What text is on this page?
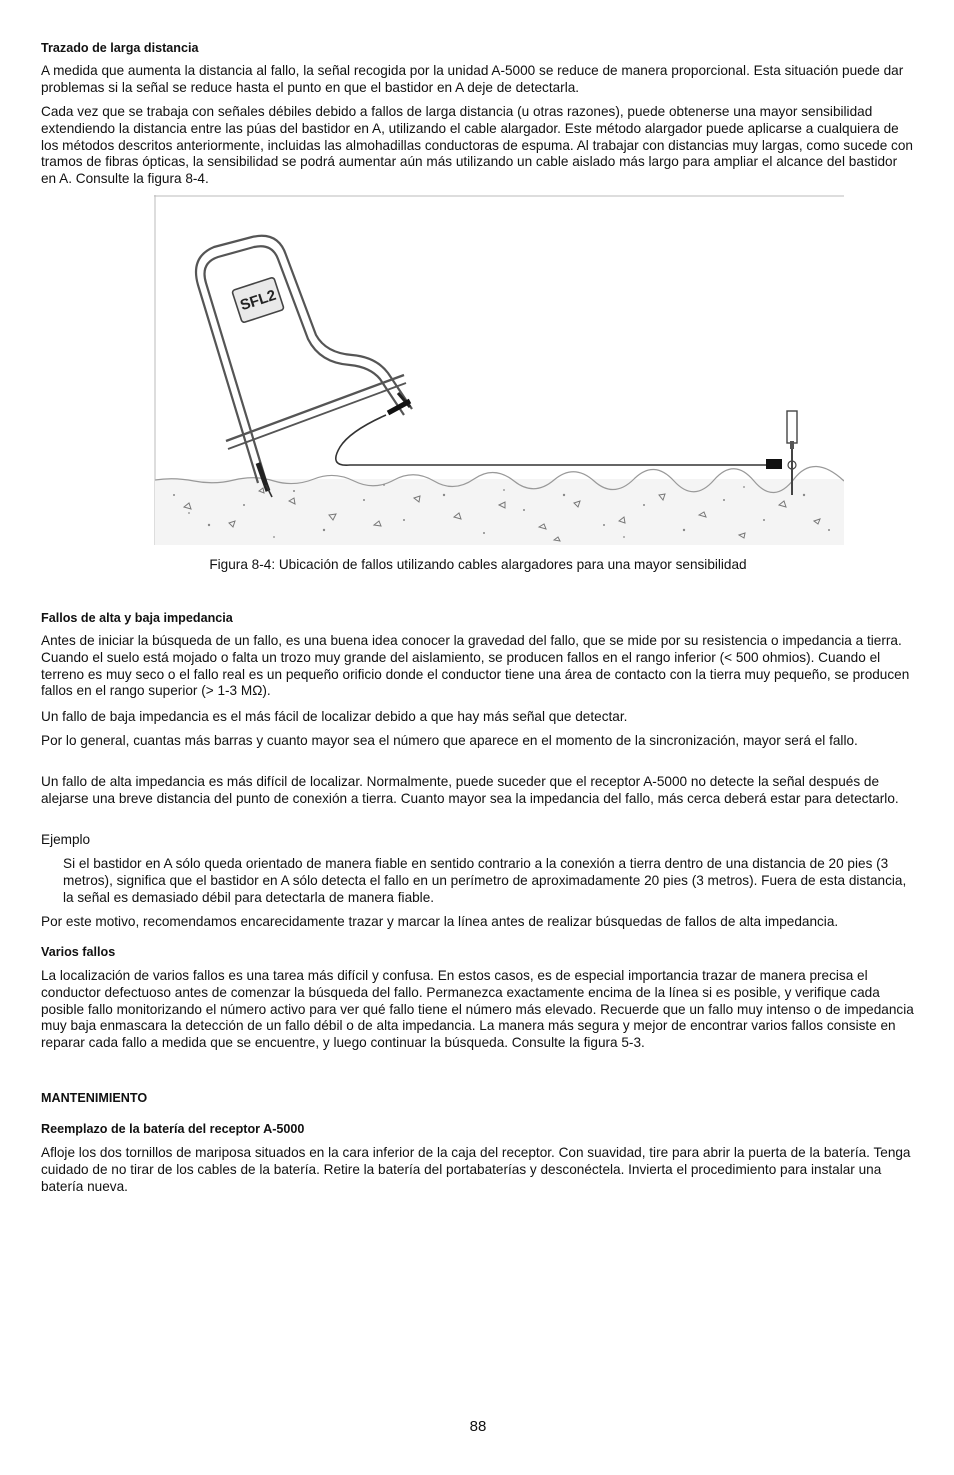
Trazado de larga distancia

A medida que aumenta la distancia al fallo, la señal recogida por la unidad A-5000 se reduce de manera proporcional. Esta situación puede dar problemas si la señal se reduce hasta el punto en que el bastidor en A deje de detectarla.

Cada vez que se trabaja con señales débiles debido a fallos de larga distancia (u otras razones), puede obtenerse una mayor sensibilidad extendiendo la distancia entre las púas del bastidor en A, utilizando el cable alargador. Este método alargador puede aplicarse a cualquiera de los métodos descritos anteriormente, incluidas las almohadillas conductoras de espuma. Al trabajar con distancias muy largas, como sucede con tramos de fibras ópticas, la sensibilidad se podrá aumentar aún más utilizando un cable aislado más largo para ampliar el alcance del bastidor en A. Consulte la figura 8-4.

SFL2
Figura 8-4: Ubicación de fallos utilizando cables alargadores para una mayor sensibilidad
Fallos de alta y baja impedancia

Antes de iniciar la búsqueda de un fallo, es una buena idea conocer la gravedad del fallo, que se mide por su resistencia o impedancia a tierra. Cuando el suelo está mojado o falta un trozo muy grande del aislamiento, se producen fallos en el rango inferior (< 500 ohmios). Cuando el terreno es muy seco o el fallo real es un pequeño orificio donde el conductor tiene una área de contacto con la tierra muy pequeño, se producen fallos en el rango superior (> 1-3 MΩ).

Un fallo de baja impedancia es el más fácil de localizar debido a que hay más señal que detectar.

Por lo general, cuantas más barras y cuanto mayor sea el número que aparece en el momento de la sincronización, mayor será el fallo.

Un fallo de alta impedancia es más difícil de localizar. Normalmente, puede suceder que el receptor A-5000 no detecte la señal después de alejarse una breve distancia del punto de conexión a tierra. Cuanto mayor sea la impedancia del fallo, más cerca deberá estar para detectarlo.

Ejemplo

Si el bastidor en A sólo queda orientado de manera fiable en sentido contrario a la conexión a tierra dentro de una distancia de 20 pies (3 metros), significa que el bastidor en A sólo detecta el fallo en un perímetro de aproximadamente 20 pies (3 metros). Fuera de esta distancia, la señal es demasiado débil para detectarla de manera fiable.

Por este motivo, recomendamos encarecidamente trazar y marcar la línea antes de realizar búsquedas de fallos de alta impedancia.

Varios fallos

La localización de varios fallos es una tarea más difícil y confusa. En estos casos, es de especial importancia trazar de manera precisa el conductor defectuoso antes de comenzar la búsqueda del fallo. Permanezca exactamente encima de la línea si es posible, y verifique cada posible fallo monitorizando el número activo para ver qué fallo tiene el número más elevado. Recuerde que un fallo muy intenso o de impedancia muy baja enmascara la detección de un fallo débil o de alta impedancia. La manera más segura y mejor de encontrar varios fallos consiste en reparar cada fallo a medida que se encuentre, y luego continuar la búsqueda. Consulte la figura 5-3.

MANTENIMIENTO
Reemplazo de la batería del receptor A-5000

Afloje los dos tornillos de mariposa situados en la cara inferior de la caja del receptor. Con suavidad, tire para abrir la puerta de la batería. Tenga cuidado de no tirar de los cables de la batería. Retire la batería del portabaterías y desconéctela. Invierta el procedimiento para instalar una batería nueva.

88
